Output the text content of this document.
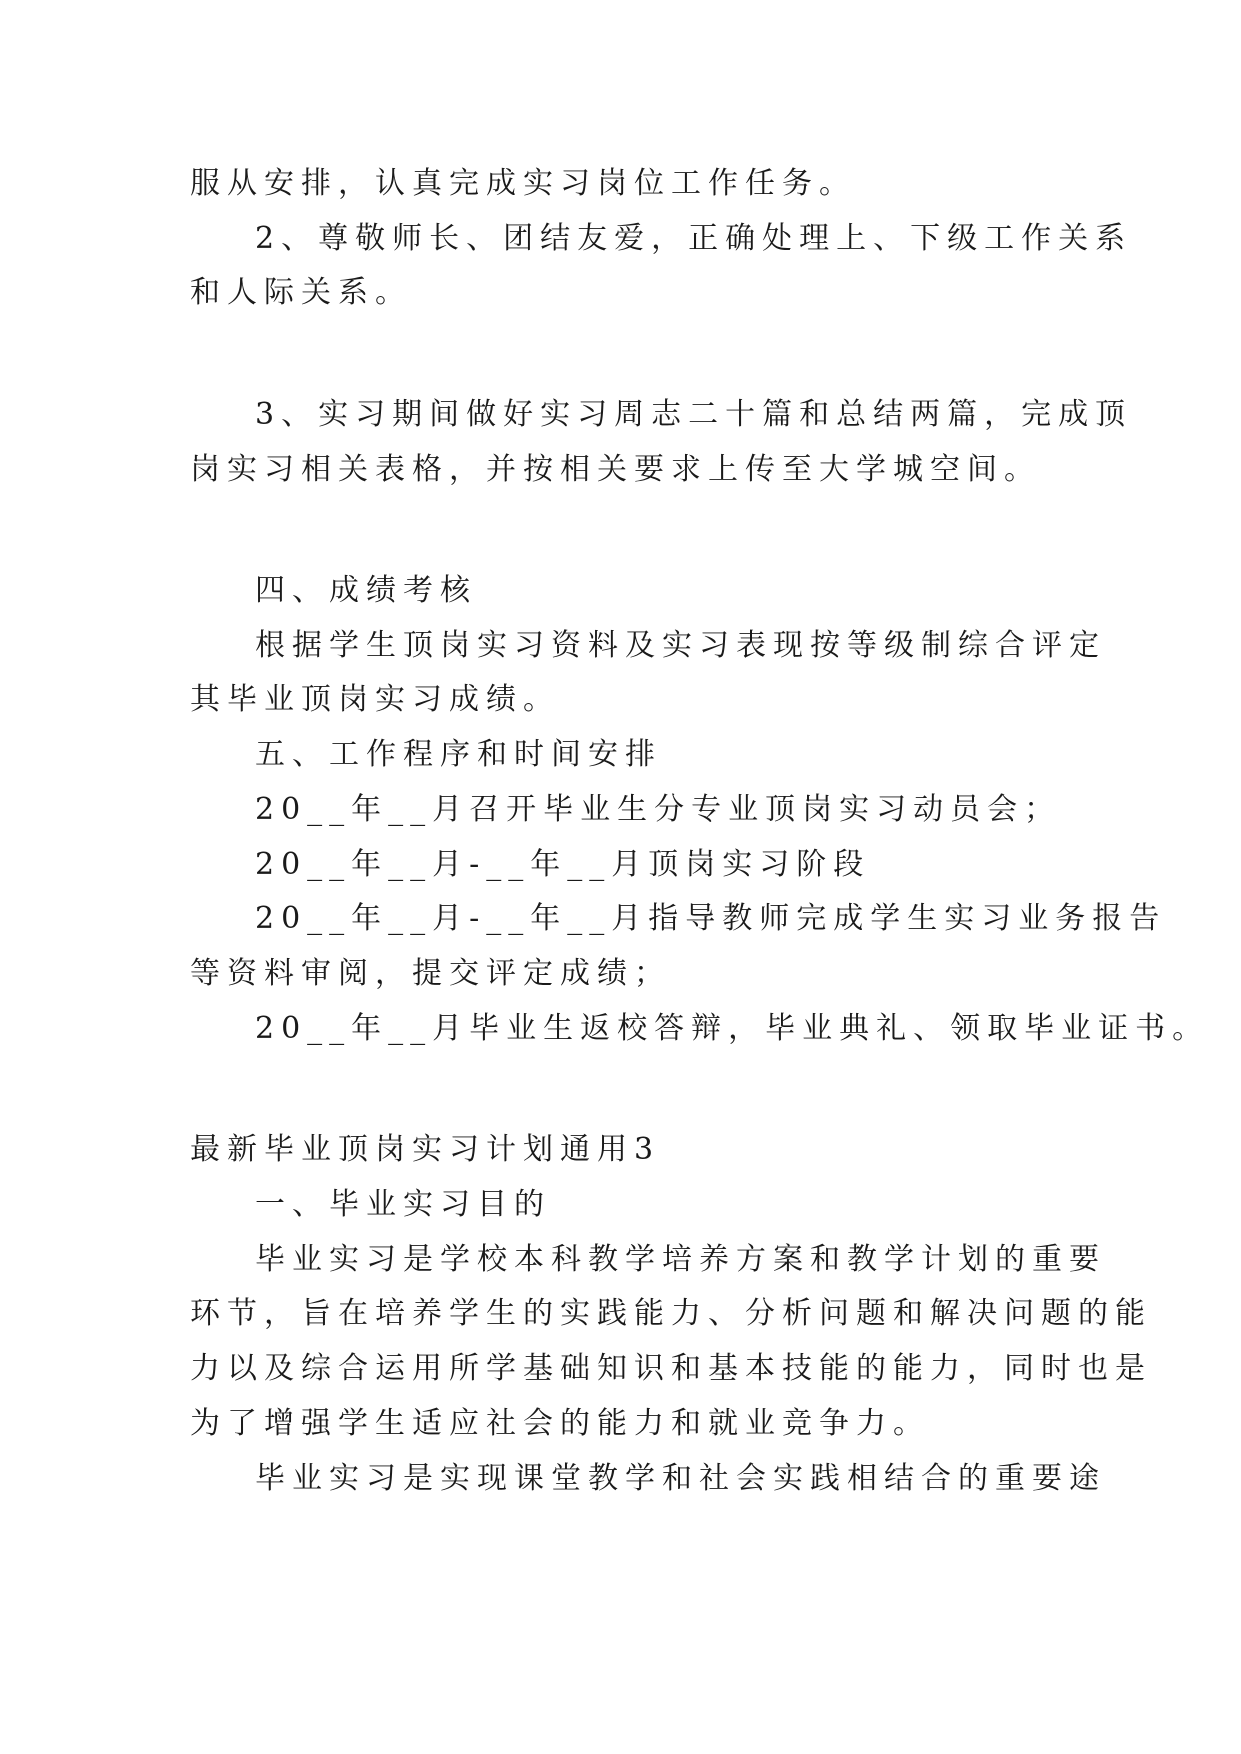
服从安排，认真完成实习岗位工作任务。
2、尊敬师长、团结友爱，正确处理上、下级工作关系
和人际关系。
3、实习期间做好实习周志二十篇和总结两篇，完成顶
岗实习相关表格，并按相关要求上传至大学城空间。
四、成绩考核
根据学生顶岗实习资料及实习表现按等级制综合评定
其毕业顶岗实习成绩。
五、工作程序和时间安排
20__年__月召开毕业生分专业顶岗实习动员会；
20__年__月-__年__月顶岗实习阶段
20__年__月-__年__月指导教师完成学生实习业务报告
等资料审阅，提交评定成绩；
20__年__月毕业生返校答辩，毕业典礼、领取毕业证书。
最新毕业顶岗实习计划通用3
一、毕业实习目的
毕业实习是学校本科教学培养方案和教学计划的重要
环节，旨在培养学生的实践能力、分析问题和解决问题的能
力以及综合运用所学基础知识和基本技能的能力，同时也是
为了增强学生适应社会的能力和就业竞争力。
毕业实习是实现课堂教学和社会实践相结合的重要途
